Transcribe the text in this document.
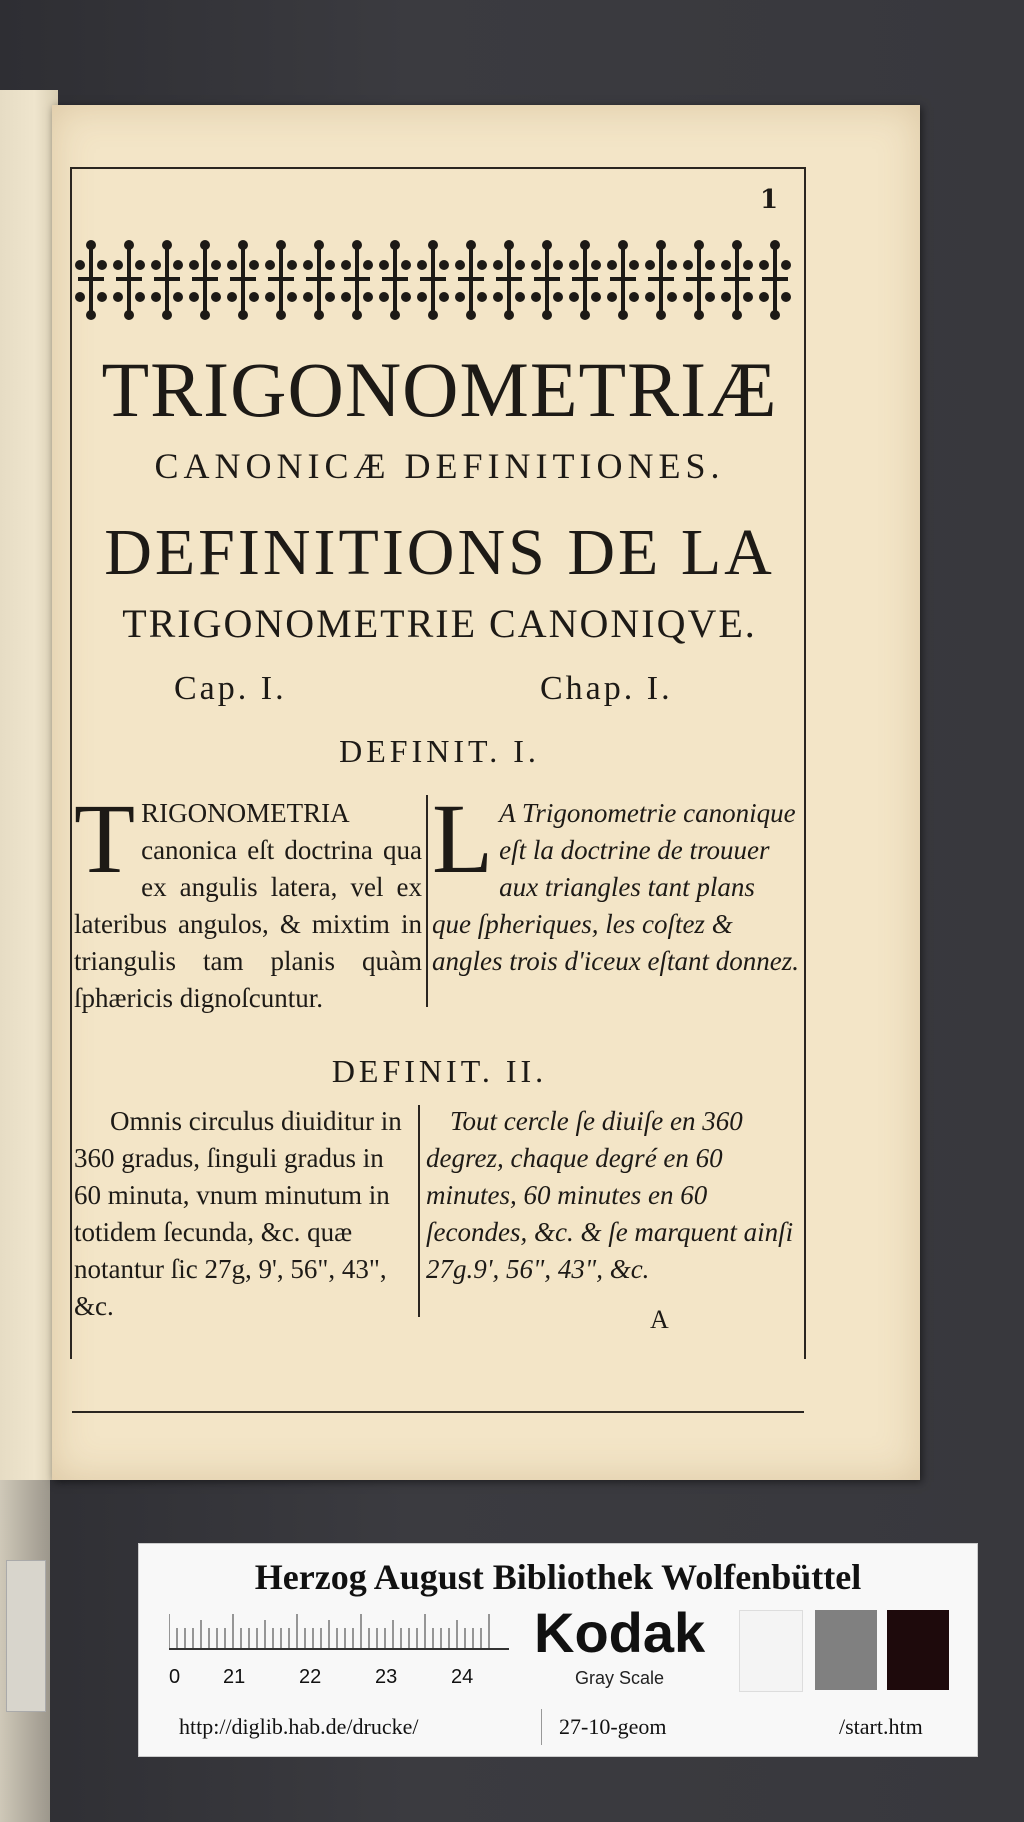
1
TRIGONOMETRIÆ
CANONICÆ DEFINITIONES.
DEFINITIONS DE LA
TRIGONOMETRIE CANONIQVE.
Cap. I.	Chap. I.
DEFINIT. I.
T RIGONOMETRIA canonica eſt doctrina qua ex angulis latera, vel ex lateribus angulos, & mixtim in triangulis tam planis quàm ſphæricis dignoſcuntur.
L A Trigonometrie canonique eſt la doctrine de trouuer aux triangles tant plans que ſpheriques, les coſtez & angles trois d'iceux eſtant donnez.
DEFINIT. II.
Omnis circulus diuiditur in 360 gradus, ſinguli gradus in 60 minuta, vnum minutum in totidem ſecunda, &c. quæ notantur ſic 27g, 9', 56", 43", &c.
Tout cercle ſe diuiſe en 360 degrez, chaque degré en 60 minutes, 60 minutes en 60 ſecondes, &c. & ſe marquent ainſi 27g.9', 56", 43", &c.
A
Herzog August Bibliothek Wolfenbüttel
0 21	22	23	24
Kodak
Gray Scale
http://diglib.hab.de/drucke/	27-10-geom	/start.htm
